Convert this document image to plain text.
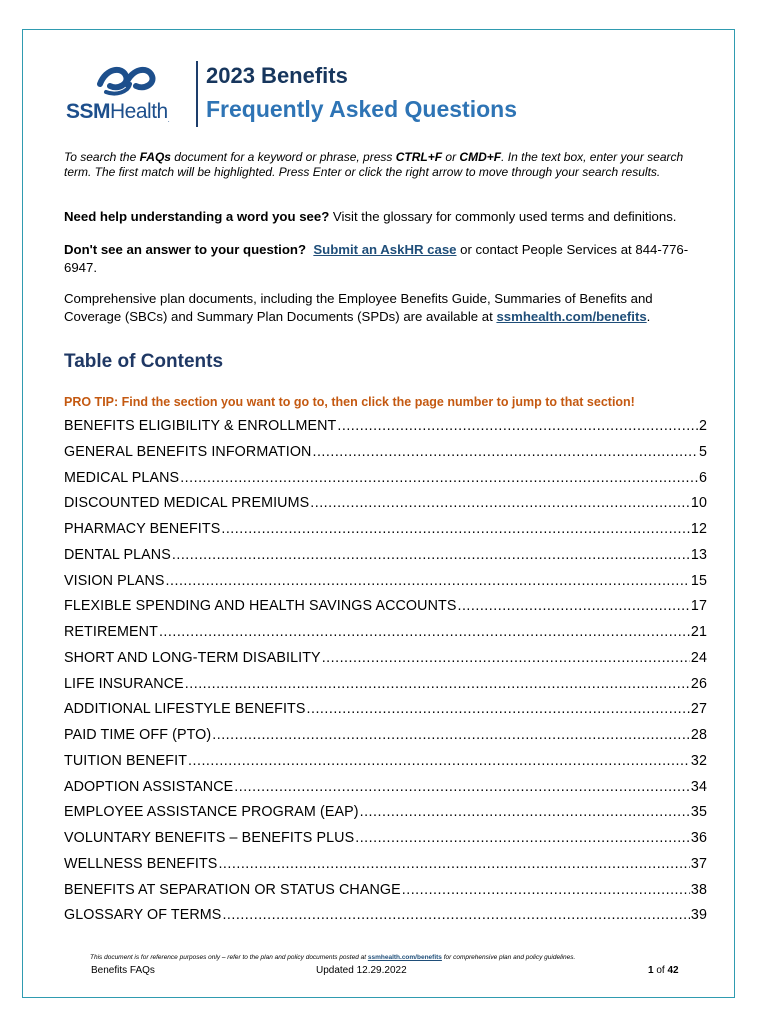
SSMHealth.
2023 Benefits
Frequently Asked Questions
To search the FAQs document for a keyword or phrase, press CTRL+F or CMD+F. In the text box, enter your search term. The first match will be highlighted. Press Enter or click the right arrow to move through your search results.
Need help understanding a word you see? Visit the glossary for commonly used terms and definitions.
Don't see an answer to your question? Submit an AskHR case or contact People Services at 844-776-6947.
Comprehensive plan documents, including the Employee Benefits Guide, Summaries of Benefits and Coverage (SBCs) and Summary Plan Documents (SPDs) are available at ssmhealth.com/benefits.
Table of Contents
PRO TIP: Find the section you want to go to, then click the page number to jump to that section!
BENEFITS ELIGIBILITY & ENROLLMENT .....	2
GENERAL BENEFITS INFORMATION .....	5
MEDICAL PLANS .....	6
DISCOUNTED MEDICAL PREMIUMS .....	10
PHARMACY BENEFITS .....	12
DENTAL PLANS .....	13
VISION PLANS .....	15
FLEXIBLE SPENDING AND HEALTH SAVINGS ACCOUNTS .....	17
RETIREMENT .....	21
SHORT AND LONG-TERM DISABILITY .....	24
LIFE INSURANCE .....	26
ADDITIONAL LIFESTYLE BENEFITS .....	27
PAID TIME OFF (PTO) .....	28
TUITION BENEFIT .....	32
ADOPTION ASSISTANCE .....	34
EMPLOYEE ASSISTANCE PROGRAM (EAP) .....	35
VOLUNTARY BENEFITS – BENEFITS PLUS .....	36
WELLNESS BENEFITS .....	37
BENEFITS AT SEPARATION OR STATUS CHANGE .....	38
GLOSSARY OF TERMS .....	39
This document is for reference purposes only – refer to the plan and policy documents posted at ssmhealth.com/benefits for comprehensive plan and policy guidelines.
Benefits FAQs	Updated 12.29.2022	1 of 42
